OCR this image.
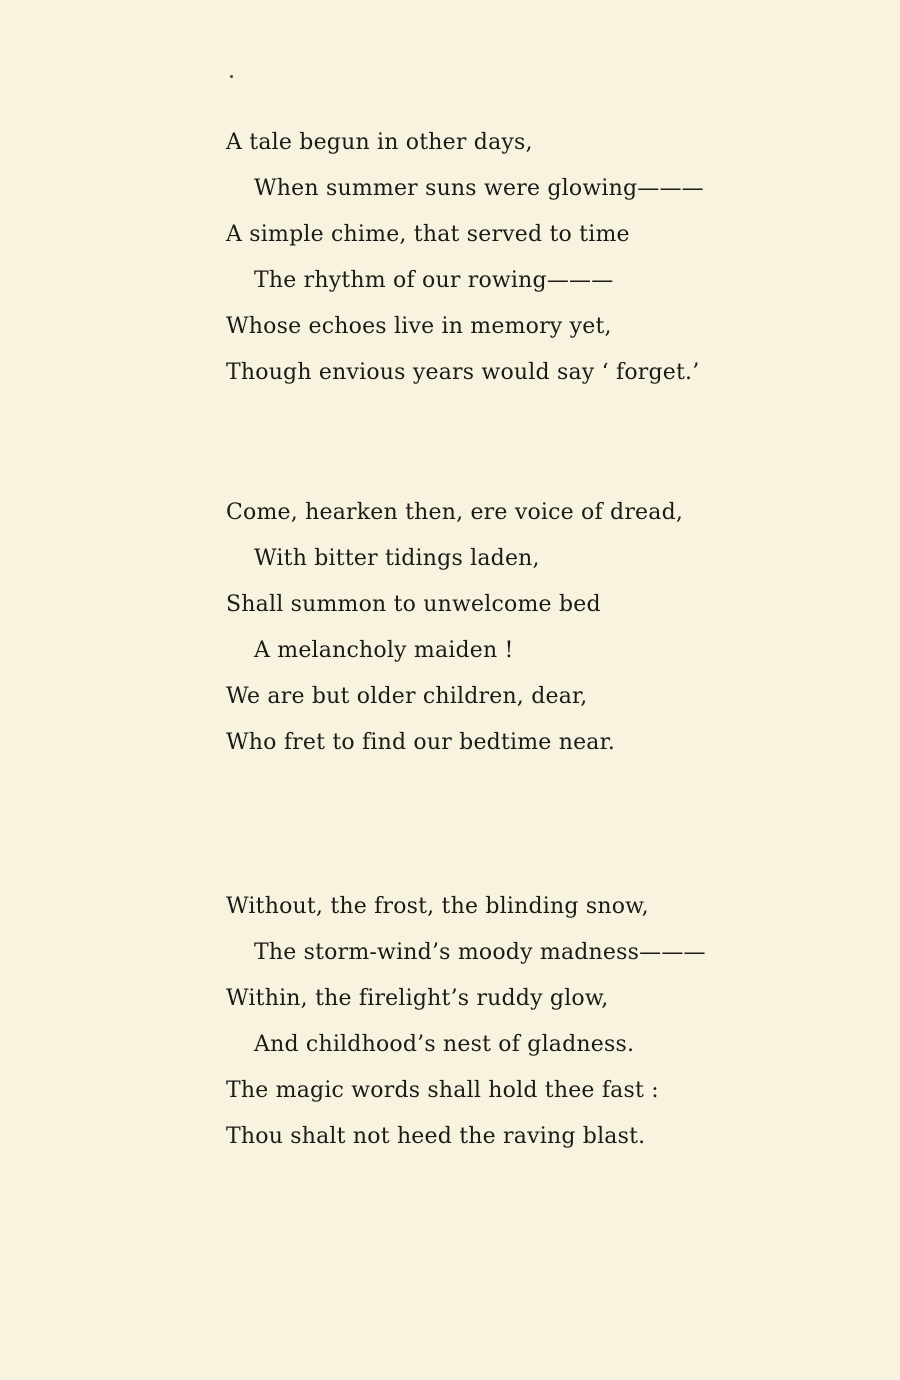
A tale begun in other days,
When summer suns were glowing———
A simple chime, that served to time
The rhythm of our rowing———
Whose echoes live in memory yet,
Though envious years would say ‘ forget.’
Come, hearken then, ere voice of dread,
With bitter tidings laden,
Shall summon to unwelcome bed
A melancholy maiden !
We are but older children, dear,
Who fret to find our bedtime near.
Without, the frost, the blinding snow,
The storm-wind’s moody madness———
Within, the firelight’s ruddy glow,
And childhood’s nest of gladness.
The magic words shall hold thee fast :
Thou shalt not heed the raving blast.
